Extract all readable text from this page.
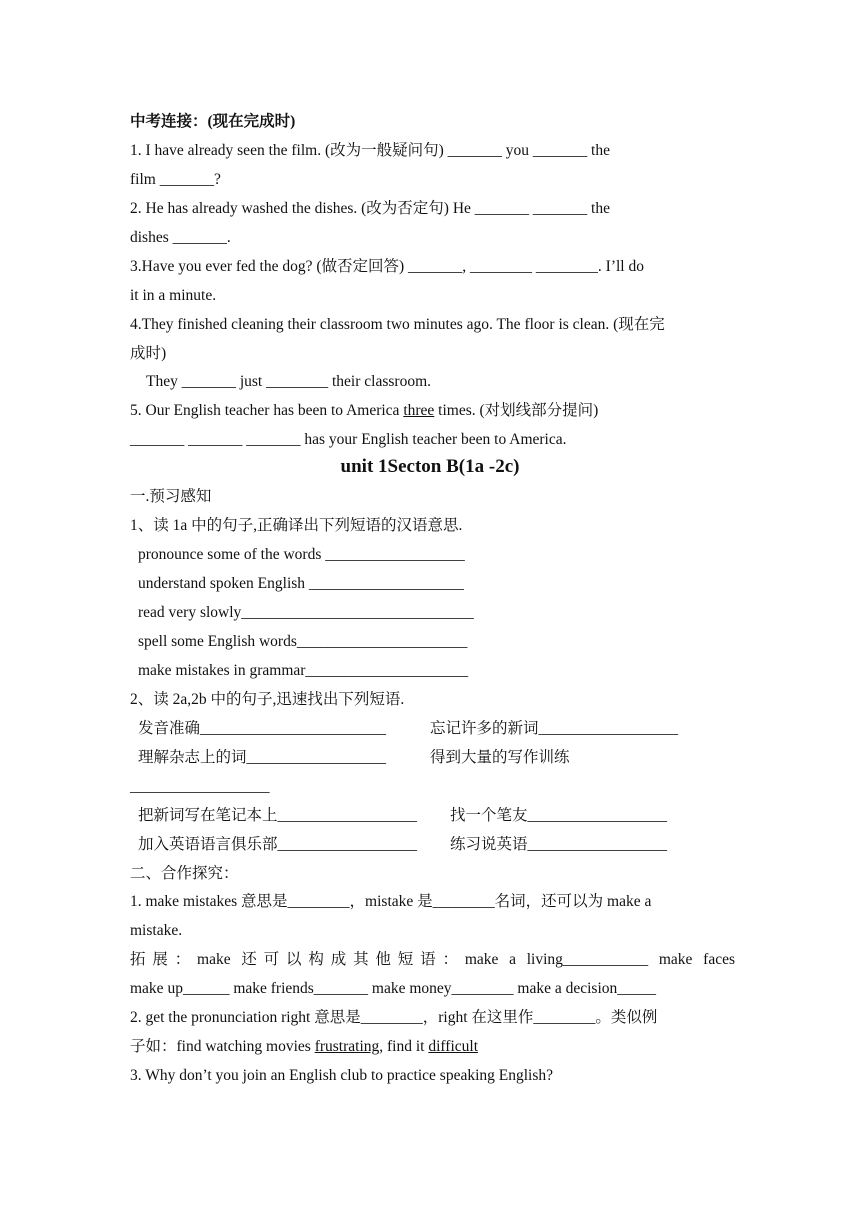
中考连接：(现在完成时)
1. I have already seen the film. (改为一般疑问句) _______ you _______ the
film _______?
2. He has already washed the dishes. (改为否定句) He _______ _______ the
dishes _______.
3.Have you ever fed the dog? (做否定回答) _______, ________ ________. I’ll do
it in a minute.
4.They finished cleaning their classroom two minutes ago. The floor is clean. (现在完
成时)
They _______ just ________ their classroom.
5. Our English teacher has been to America three times. (对划线部分提问)
_______ _______ _______ has your English teacher been to America.
unit 1Secton B(1a -2c)
一.预习感知
1、读 1a 中的句子,正确译出下列短语的汉语意思.
pronounce some of the words __________________
understand spoken English ____________________
read very slowly______________________________
spell some English words______________________
make mistakes in grammar_____________________
2、读 2a,2b 中的句子,迅速找出下列短语.
发音准确________________________	忘记许多的新词__________________
理解杂志上的词__________________	得到大量的写作训练
__________________
把新词写在笔记本上__________________ 找一个笔友__________________
加入英语语言俱乐部__________________ 练习说英语__________________
二、合作探究：
1. make mistakes 意思是________，mistake 是________名词，还可以为 make a
mistake.
拓展：make 还可以构成其他短语：make a living___________ make faces
make up______ make friends_______ make money________ make a decision_____
2. get the pronunciation right 意思是________，right 在这里作________。类似例
子如：find watching movies frustrating, find it difficult
3. Why don’t you join an English club to practice speaking English?
